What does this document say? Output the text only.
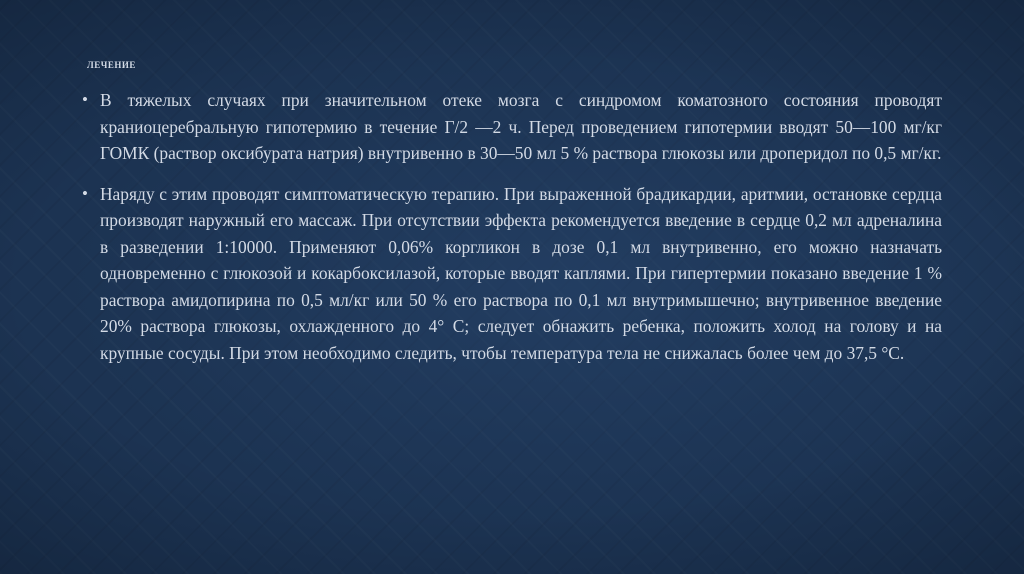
ЛЕЧЕНИЕ
• В тяжелых случаях при значительном отеке мозга с синдромом коматозного состояния проводят краниоцеребральную гипотермию в течение Г/2 —2 ч. Перед проведением гипотермии вводят 50—100 мг/кг ГОМК (раствор оксибурата натрия) внутривенно в 30—50 мл 5 % раствора глюкозы или дроперидол по 0,5 мг/кг.
• Наряду с этим проводят симптоматическую терапию. При выраженной брадикардии, аритмии, остановке сердца производят наружный его массаж. При отсутствии эффекта рекомендуется введение в сердце 0,2 мл адреналина в разведении 1:10000. Применяют 0,06% коргликон в дозе 0,1 мл внутривенно, его можно назначать одновременно с глюкозой и кокарбоксилазой, которые вводят каплями. При гипертермии показано введение 1 % раствора амидопирина по 0,5 мл/кг или 50 % его раствора по 0,1 мл внутримышечно; внутривенное введение 20% раствора глюкозы, охлажденного до 4° С; следует обнажить ребенка, положить холод на голову и на крупные сосуды. При этом необходимо следить, чтобы температура тела не снижалась более чем до 37,5 °С.
